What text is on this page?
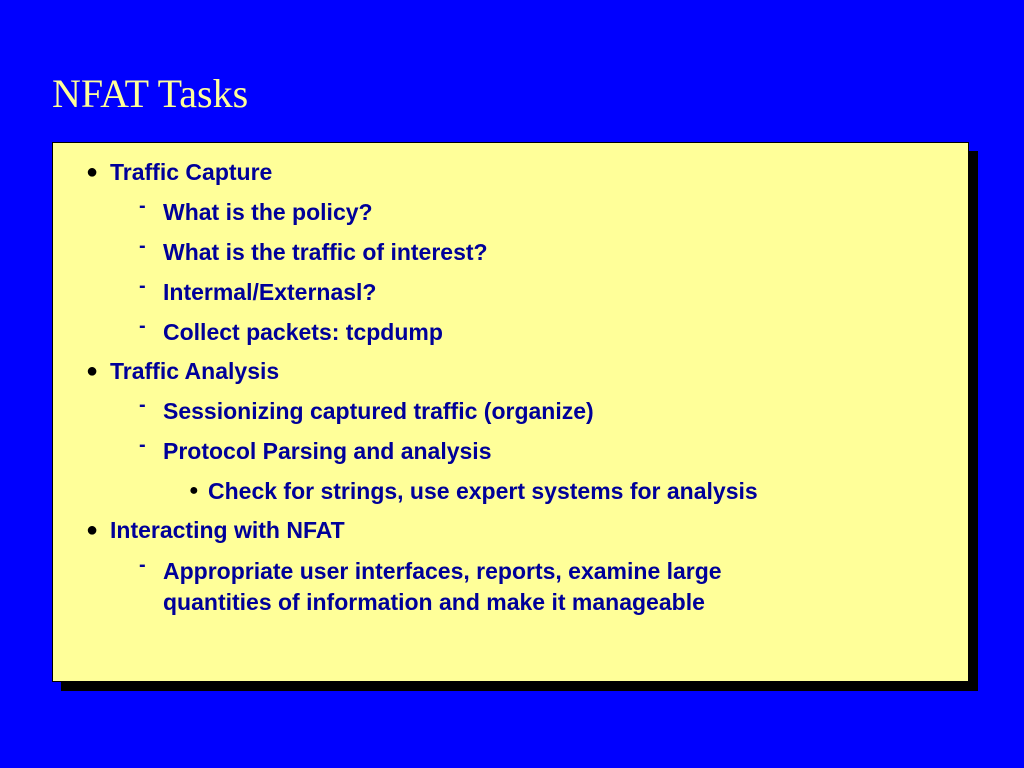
NFAT Tasks
● Traffic Capture
- What is the policy?
- What is the traffic of interest?
- Intermal/Externasl?
- Collect packets: tcpdump
● Traffic Analysis
- Sessionizing captured traffic (organize)
- Protocol Parsing and analysis
● Check for strings, use expert systems for analysis
● Interacting with NFAT
- Appropriate user interfaces, reports, examine large
quantities of information and make it manageable
